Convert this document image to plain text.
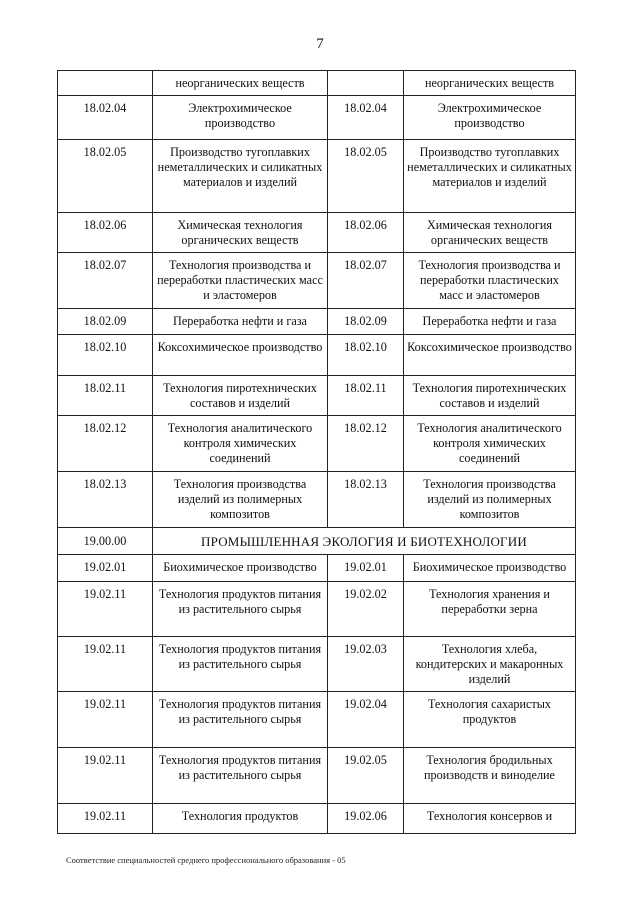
7
	неорганических веществ		неорганических веществ
18.02.04	Электрохимическое производство	18.02.04	Электрохимическое производство
18.02.05	Производство тугоплавких неметаллических и силикатных материалов и изделий	18.02.05	Производство тугоплавких неметаллических и силикатных материалов и изделий
18.02.06	Химическая технология органических веществ	18.02.06	Химическая технология органических веществ
18.02.07	Технология производства и переработки пластических масс и эластомеров	18.02.07	Технология производства и переработки пластических масс и эластомеров
18.02.09	Переработка нефти и газа	18.02.09	Переработка нефти и газа
18.02.10	Коксохимическое производство	18.02.10	Коксохимическое производство
18.02.11	Технология пиротехнических составов и изделий	18.02.11	Технология пиротехнических составов и изделий
18.02.12	Технология аналитического контроля химических соединений	18.02.12	Технология аналитического контроля химических соединений
18.02.13	Технология производства изделий из полимерных композитов	18.02.13	Технология производства изделий из полимерных композитов
19.00.00	ПРОМЫШЛЕННАЯ ЭКОЛОГИЯ И БИОТЕХНОЛОГИИ		
19.02.01	Биохимическое производство	19.02.01	Биохимическое производство
19.02.11	Технология продуктов питания из растительного сырья	19.02.02	Технология хранения и переработки зерна
19.02.11	Технология продуктов питания из растительного сырья	19.02.03	Технология хлеба, кондитерских и макаронных изделий
19.02.11	Технология продуктов питания из растительного сырья	19.02.04	Технология сахаристых продуктов
19.02.11	Технология продуктов питания из растительного сырья	19.02.05	Технология бродильных производств и виноделие
19.02.11	Технология продуктов	19.02.06	Технология консервов и
Соответствие специальностей среднего профессионального образования - 05
